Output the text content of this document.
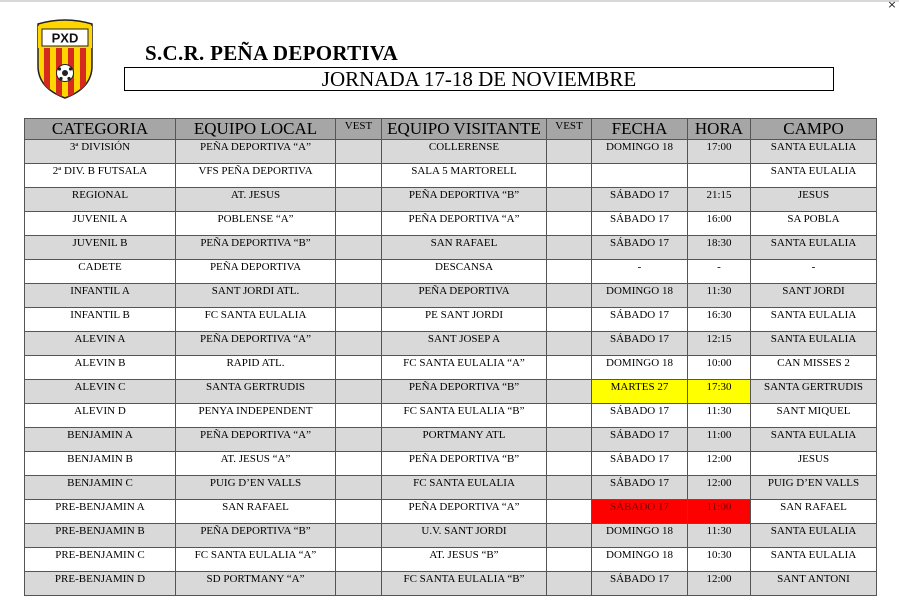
×
PXD
S.C.R. PEÑA DEPORTIVA
JORNADA 17-18 DE NOVIEMBRE
CATEGORIA	EQUIPO LOCAL	VEST	EQUIPO VISITANTE	VEST	FECHA	HORA	CAMPO
3ª DIVISIÓN	PEÑA DEPORTIVA “A”		COLLERENSE		DOMINGO 18	17:00	SANTA EULALIA
2ª DIV. B FUTSALA	VFS PEÑA DEPORTIVA		SALA 5 MARTORELL				SANTA EULALIA
REGIONAL	AT. JESUS		PEÑA DEPORTIVA “B”		SÁBADO 17	21:15	JESUS
JUVENIL A	POBLENSE “A”		PEÑA DEPORTIVA “A”		SÁBADO 17	16:00	SA POBLA
JUVENIL B	PEÑA DEPORTIVA “B”		SAN RAFAEL		SÁBADO 17	18:30	SANTA EULALIA
CADETE	PEÑA DEPORTIVA		DESCANSA		-	-	-
INFANTIL A	SANT JORDI ATL.		PEÑA DEPORTIVA		DOMINGO 18	11:30	SANT JORDI
INFANTIL B	FC SANTA EULALIA		PE SANT JORDI		SÁBADO 17	16:30	SANTA EULALIA
ALEVIN A	PEÑA DEPORTIVA “A”		SANT JOSEP A		SÁBADO 17	12:15	SANTA EULALIA
ALEVIN B	RAPID ATL.		FC SANTA EULALIA “A”		DOMINGO 18	10:00	CAN MISSES 2
ALEVIN C	SANTA GERTRUDIS		PEÑA DEPORTIVA “B”		MARTES 27	17:30	SANTA GERTRUDIS
ALEVIN D	PENYA INDEPENDENT		FC SANTA EULALIA “B”		SÁBADO 17	11:30	SANT MIQUEL
BENJAMIN A	PEÑA DEPORTIVA “A”		PORTMANY ATL		SÁBADO 17	11:00	SANTA EULALIA
BENJAMIN B	AT. JESUS “A”		PEÑA DEPORTIVA “B”		SÁBADO 17	12:00	JESUS
BENJAMIN C	PUIG D’EN VALLS		FC SANTA EULALIA		SÁBADO 17	12:00	PUIG D’EN VALLS
PRE-BENJAMIN A	SAN RAFAEL		PEÑA DEPORTIVA “A”		SÁBADO 17	11:00	SAN RAFAEL
PRE-BENJAMIN B	PEÑA DEPORTIVA “B”		U.V. SANT JORDI		DOMINGO 18	11:30	SANTA EULALIA
PRE-BENJAMIN C	FC SANTA EULALIA “A”		AT. JESUS “B”		DOMINGO 18	10:30	SANTA EULALIA
PRE-BENJAMIN D	SD PORTMANY “A”		FC SANTA EULALIA “B”		SÁBADO 17	12:00	SANT ANTONI
